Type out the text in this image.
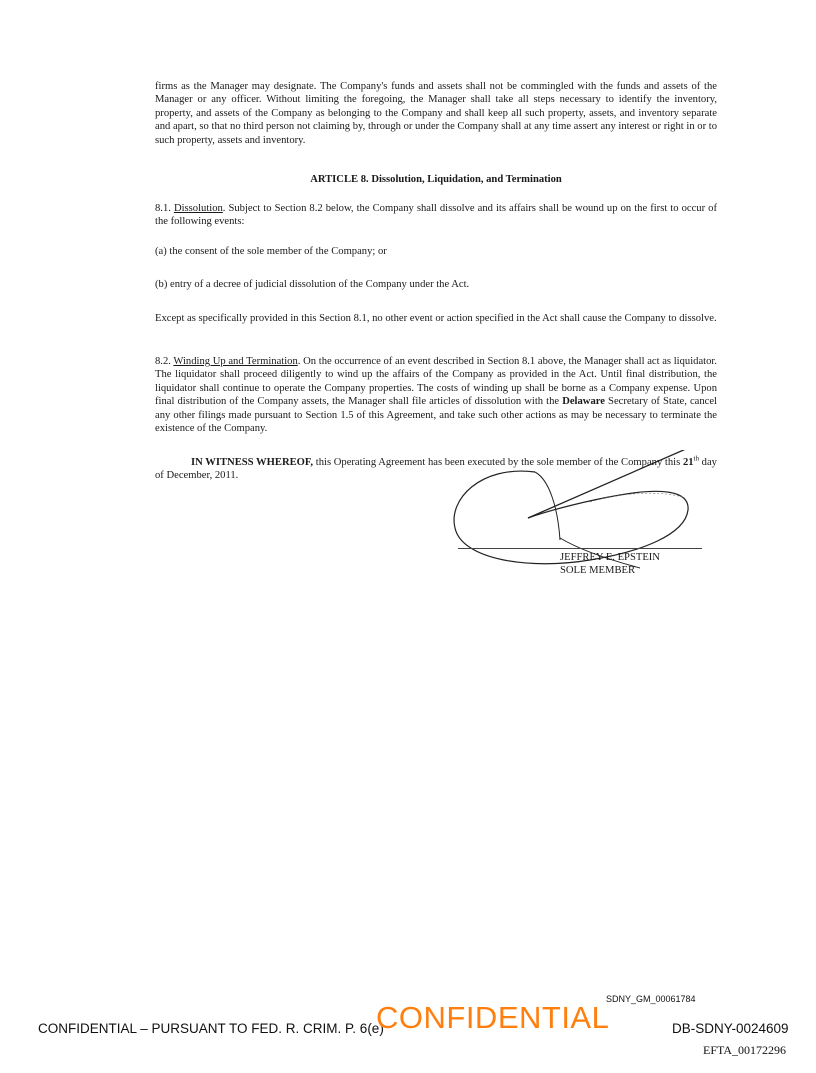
firms as the Manager may designate. The Company's funds and assets shall not be commingled with the funds and assets of the Manager or any officer. Without limiting the foregoing, the Manager shall take all steps necessary to identify the inventory, property, and assets of the Company as belonging to the Company and shall keep all such property, assets, and inventory separate and apart, so that no third person not claiming by, through or under the Company shall at any time assert any interest or right in or to such property, assets and inventory.

ARTICLE 8. Dissolution, Liquidation, and Termination

8.1. Dissolution. Subject to Section 8.2 below, the Company shall dissolve and its affairs shall be wound up on the first to occur of the following events:

(a) the consent of the sole member of the Company; or

(b) entry of a decree of judicial dissolution of the Company under the Act.

Except as specifically provided in this Section 8.1, no other event or action specified in the Act shall cause the Company to dissolve.

8.2. Winding Up and Termination. On the occurrence of an event described in Section 8.1 above, the Manager shall act as liquidator. The liquidator shall proceed diligently to wind up the affairs of the Company as provided in the Act. Until final distribution, the liquidator shall continue to operate the Company properties. The costs of winding up shall be borne as a Company expense. Upon final distribution of the Company assets, the Manager shall file articles of dissolution with the Delaware Secretary of State, cancel any other filings made pursuant to Section 1.5 of this Agreement, and take such other actions as may be necessary to terminate the existence of the Company.

IN WITNESS WHEREOF, this Operating Agreement has been executed by the sole member of the Company this 21th day of December, 2011.

JEFFREY E. EPSTEIN
SOLE MEMBER
SDNY_GM_00061784
CONFIDENTIAL – PURSUANT TO FED. R. CRIM. P. 6(e)
CONFIDENTIAL	DB-SDNY-0024609
EFTA_00172296
